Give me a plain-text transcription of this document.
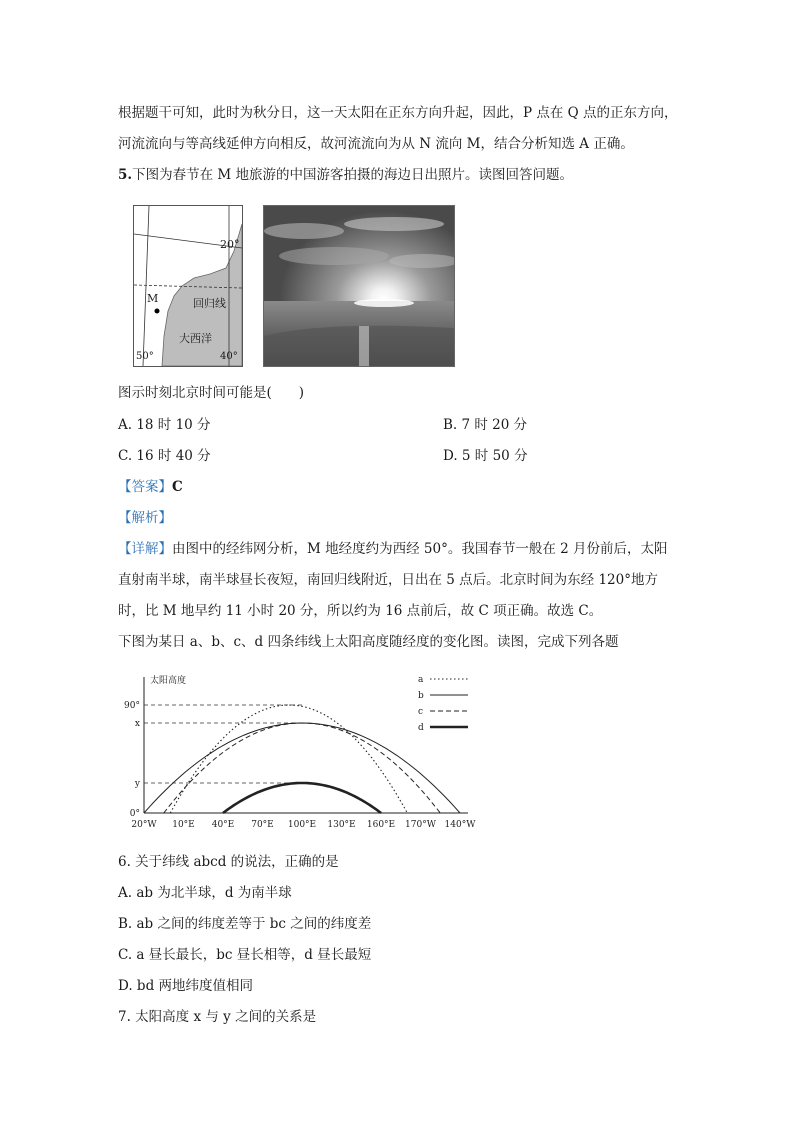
根据题干可知，此时为秋分日，这一天太阳在正东方向升起，因此，P 点在 Q 点的正东方向，
河流流向与等高线延伸方向相反，故河流流向为从 N 流向 M，结合分析知选 A 正确。
5.下图为春节在 M 地旅游的中国游客拍摄的海边日出照片。读图回答问题。
20°
M	回归线
大西洋
50°	40°
图示时刻北京时间可能是(　　)
A. 18 时 10 分	B. 7 时 20 分
C. 16 时 40 分	D. 5 时 50 分
【答案】C
【解析】
【详解】由图中的经纬网分析，M 地经度约为西经 50°。我国春节一般在 2 月份前后，太阳
直射南半球，南半球昼长夜短，南回归线附近，日出在 5 点后。北京时间为东经 120°地方
时，比 M 地早约 11 小时 20 分，所以约为 16 点前后，故 C 项正确。故选 C。
下图为某日 a、b、c、d 四条纬线上太阳高度随经度的变化图。读图，完成下列各题
太阳高度
90°
x
y
0°
20°W 10°E 40°E 70°E 100°E 130°E 160°E 170°W 140°W
a
b
c
d
6. 关于纬线 abcd 的说法，正确的是
A. ab 为北半球，d 为南半球
B. ab 之间的纬度差等于 bc 之间的纬度差
C. a 昼长最长，bc 昼长相等，d 昼长最短
D. bd 两地纬度值相同
7. 太阳高度 x 与 y 之间的关系是
